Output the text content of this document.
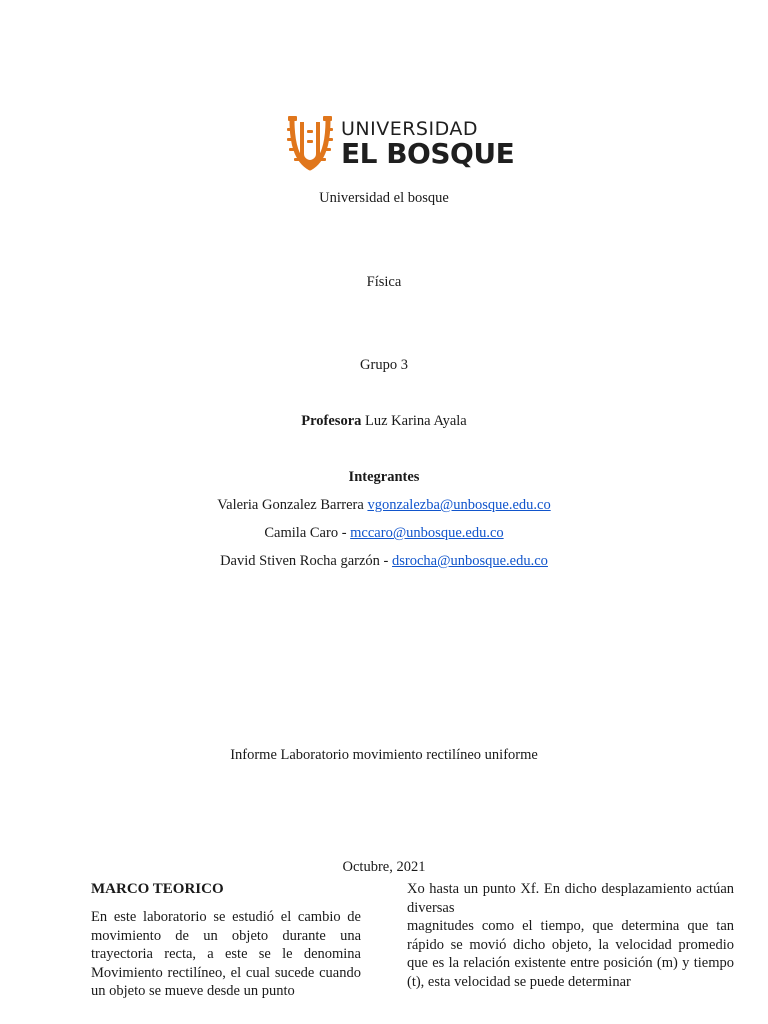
UNIVERSIDAD
EL BOSQUE
Universidad el bosque
Física
Grupo 3
Profesora Luz Karina Ayala
Integrantes
Valeria Gonzalez Barrera vgonzalezba@unbosque.edu.co
Camila Caro - mccaro@unbosque.edu.co
David Stiven Rocha garzón - dsrocha@unbosque.edu.co
Informe Laboratorio movimiento rectilíneo uniforme
Octubre, 2021
MARCO TEORICO

En este laboratorio se estudió el cambio de movimiento de un objeto durante una trayectoria recta, a este se le denomina Movimiento rectilíneo, el cual sucede cuando un objeto se mueve desde un punto

Xo hasta un punto Xf. En dicho desplazamiento actúan diversas

magnitudes como el tiempo, que determina que tan rápido se movió dicho objeto, la velocidad promedio que es la relación existente entre posición (m) y tiempo (t), esta velocidad se puede determinar
